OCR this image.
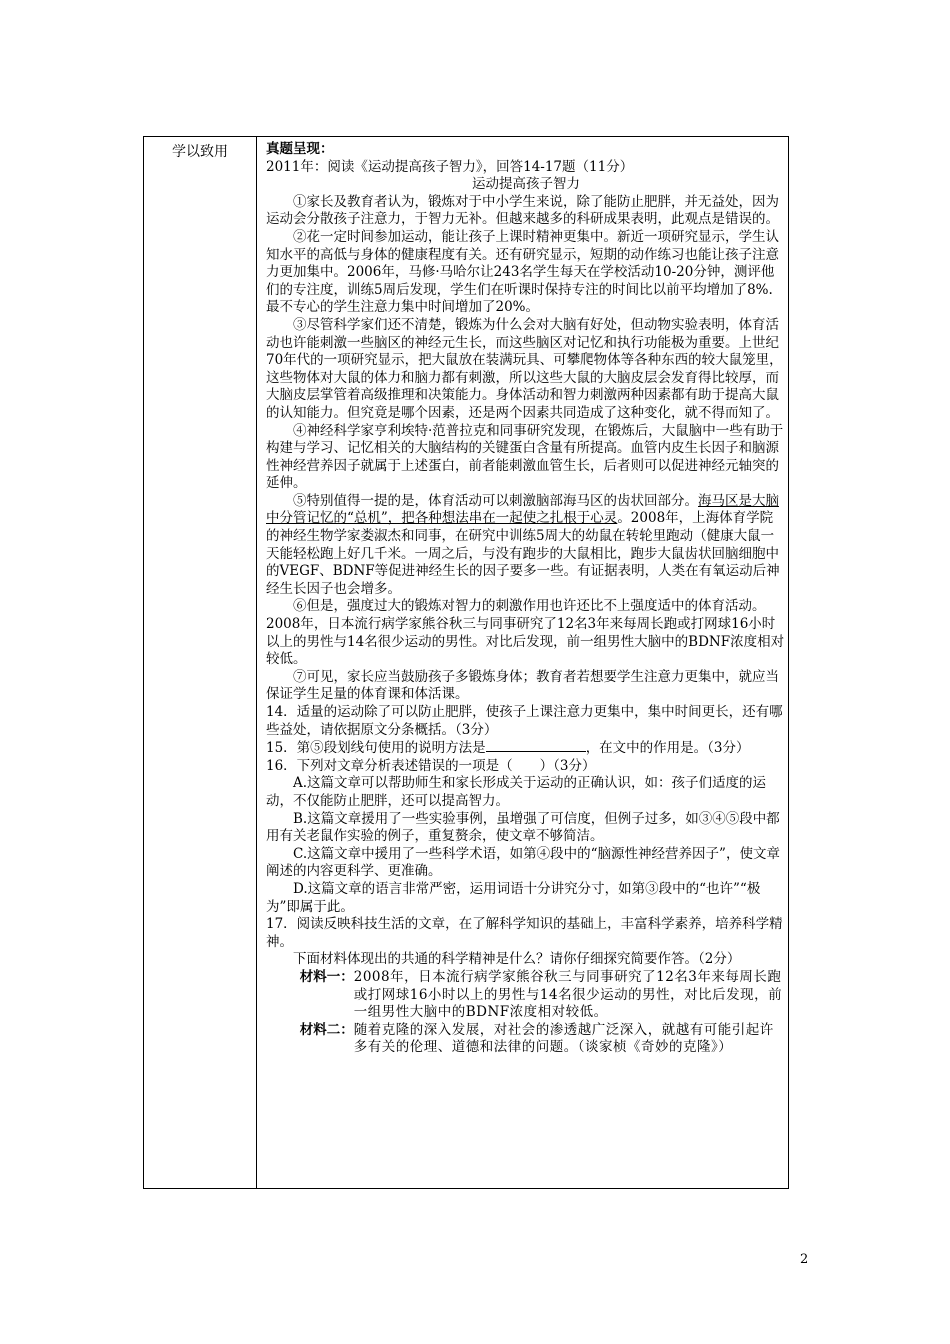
学以致用	真题呈现：

2011年：阅读《运动提高孩子智力》，回答14-17题（11分）

运动提高孩子智力

①家长及教育者认为，锻炼对于中小学生来说，除了能防止肥胖，并无益处，因为运动会分散孩子注意力，于智力无补。但越来越多的科研成果表明，此观点是错误的。

②花一定时间参加运动，能让孩子上课时精神更集中。新近一项研究显示，学生认知水平的高低与身体的健康程度有关。还有研究显示，短期的动作练习也能让孩子注意力更加集中。2006年，马修·马哈尔让243名学生每天在学校活动10-20分钟，测评他们的专注度，训练5周后发现，学生们在听课时保持专注的时间比以前平均增加了8%.最不专心的学生注意力集中时间增加了20%。

③尽管科学家们还不清楚，锻炼为什么会对大脑有好处，但动物实验表明，体育活动也许能刺激一些脑区的神经元生长，而这些脑区对记忆和执行功能极为重要。上世纪70年代的一项研究显示，把大鼠放在装满玩具、可攀爬物体等各种东西的较大鼠笼里，这些物体对大鼠的体力和脑力都有刺激，所以这些大鼠的大脑皮层会发育得比较厚，而大脑皮层掌管着高级推理和决策能力。身体活动和智力刺激两种因素都有助于提高大鼠的认知能力。但究竟是哪个因素，还是两个因素共同造成了这种变化，就不得而知了。

④神经科学家亨利埃特·范普拉克和同事研究发现，在锻炼后，大鼠脑中一些有助于构建与学习、记忆相关的大脑结构的关键蛋白含量有所提高。血管内皮生长因子和脑源性神经营养因子就属于上述蛋白，前者能刺激血管生长，后者则可以促进神经元轴突的延伸。

⑤特别值得一提的是，体育活动可以刺激脑部海马区的齿状回部分。海马区是大脑中分管记忆的“总机”，把各种想法串在一起使之扎根于心灵。2008年，上海体育学院的神经生物学家娄淑杰和同事，在研究中训练5周大的幼鼠在转轮里跑动（健康大鼠一天能轻松跑上好几千米。一周之后，与没有跑步的大鼠相比，跑步大鼠齿状回脑细胞中的VEGF、BDNF等促进神经生长的因子要多一些。有证据表明，人类在有氧运动后神经生长因子也会增多。

⑥但是，强度过大的锻炼对智力的刺激作用也许还比不上强度适中的体育活动。2008年，日本流行病学家熊谷秋三与同事研究了12名3年来每周长跑或打网球16小时以上的男性与14名很少运动的男性。对比后发现，前一组男性大脑中的BDNF浓度相对较低。

⑦可见，家长应当鼓励孩子多锻炼身体；教育者若想要学生注意力更集中，就应当保证学生足量的体育课和体活课。

14．适量的运动除了可以防止肥胖，使孩子上课注意力更集中，集中时间更长，还有哪些益处，请依据原文分条概括。（3分）

15．第⑤段划线句使用的说明方法是	，在文中的作用是。（3分）

16．下列对文章分析表述错误的一项是（　　）（3分）

A.这篇文章可以帮助师生和家长形成关于运动的正确认识，如：孩子们适度的运动，不仅能防止肥胖，还可以提高智力。

B.这篇文章援用了一些实验事例，虽增强了可信度，但例子过多，如③④⑤段中都用有关老鼠作实验的例子，重复赘余，使文章不够简洁。

C.这篇文章中援用了一些科学术语，如第④段中的“脑源性神经营养因子”，使文章阐述的内容更科学、更准确。

D.这篇文章的语言非常严密，运用词语十分讲究分寸，如第③段中的“也许”“极为”即属于此。

17．阅读反映科技生活的文章，在了解科学知识的基础上，丰富科学素养，培养科学精神。

下面材料体现出的共通的科学精神是什么？请你仔细探究简要作答。（2分）

材料一： 2008年，日本流行病学家熊谷秋三与同事研究了12名3年来每周长跑或打网球16小时以上的男性与14名很少运动的男性，对比后发现，前一组男性大脑中的BDNF浓度相对较低。
材料二： 随着克隆的深入发展，对社会的渗透越广泛深入，就越有可能引起许多有关的伦理、道德和法律的问题。（谈家桢《奇妙的克隆》）
2
